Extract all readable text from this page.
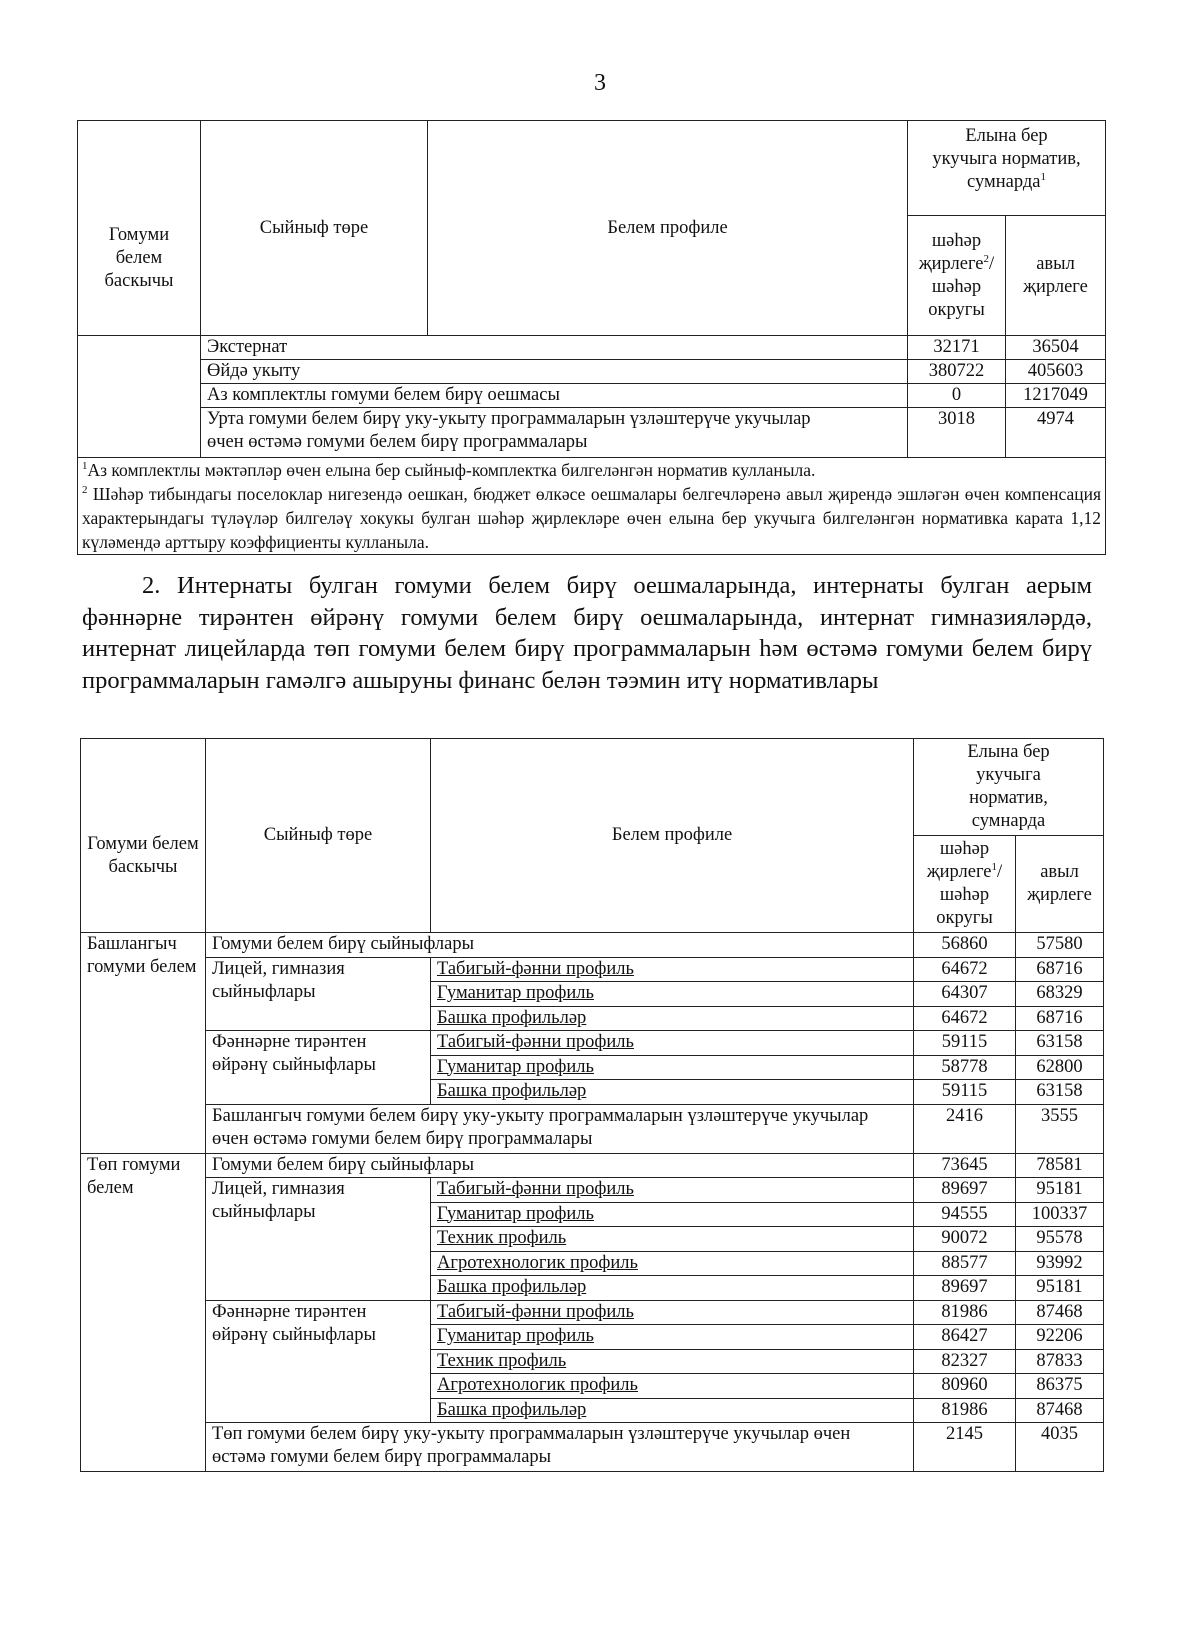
3
Гомуми белем баскычы	Сыйныф төре	Белем профиле	Елына бер укучыга норматив, сумнарда$^1$
			шәһәр җирлеге$^2$/ шәһәр округы	авыл җирлеге
	Экстернат		32171	36504
	Өйдә укыту		380722	405603
	Аз комплектлы гомуми белем бирү оешмасы		0	1217049
	Урта гомуми белем бирү уку-укыту программаларын үзләштерүче укучылар өчен өстәмә гомуми белем бирү программалары		3018	4974

$^1$Аз комплектлы мәктәпләр өчен елына бер сыйныф-комплектка билгеләнгән норматив кулланыла.
$^2$ Шәһәр тибындагы поселоклар нигезендә оешкан, бюджет өлкәсе оешмалары белгечләренә авыл җирендә эшләгән өчен компенсация характерындагы түләүләр билгеләү хокукы булган шәһәр җирлекләре өчен елына бер укучыга билгеләнгән нормативка карата 1,12 күләмендә арттыру коэффициенты кулланыла.				
2. Интернаты булган гомуми белем бирү оешмаларында, интернаты булган аерым фәннәрне тирәнтен өйрәнү гомуми белем бирү оешмаларында, интернат гимназияләрдә, интернат лицейларда төп гомуми белем бирү программаларын һәм өстәмә гомуми белем бирү программаларын гамәлгә ашыруны финанс белән тәэмин итү нормативлары
Гомуми белем баскычы	Сыйныф төре	Белем профиле	Елына бер укучыга норматив, сумнарда	
			шәһәр җирлеге$^1$/ шәһәр округы	авыл җирлеге
Башлангыч гомуми белем	Гомуми белем бирү сыйныфлары		56860	57580
	Лицей, гимназия сыйныфлары	Табигый-фәнни профиль	64672	68716
		Гуманитар профиль	64307	68329
		Башка профильләр	64672	68716
	Фәннәрне тирәнтен өйрәнү сыйныфлары	Табигый-фәнни профиль	59115	63158
		Гуманитар профиль	58778	62800
		Башка профильләр	59115	63158
	Башлангыч гомуми белем бирү уку-укыту программаларын үзләштерүче укучылар өчен өстәмә гомуми белем бирү программалары		2416	3555
Төп гомуми белем	Гомуми белем бирү сыйныфлары		73645	78581
	Лицей, гимназия сыйныфлары	Табигый-фәнни профиль	89697	95181
		Гуманитар профиль	94555	100337
		Техник профиль	90072	95578
		Агротехнологик профиль	88577	93992
		Башка профильләр	89697	95181
	Фәннәрне тирәнтен өйрәнү сыйныфлары	Табигый-фәнни профиль	81986	87468
		Гуманитар профиль	86427	92206
		Техник профиль	82327	87833
		Агротехнологик профиль	80960	86375
		Башка профильләр	81986	87468
	Төп гомуми белем бирү уку-укыту программаларын үзләштерүче укучылар өчен өстәмә гомуми белем бирү программалары		2145	4035
